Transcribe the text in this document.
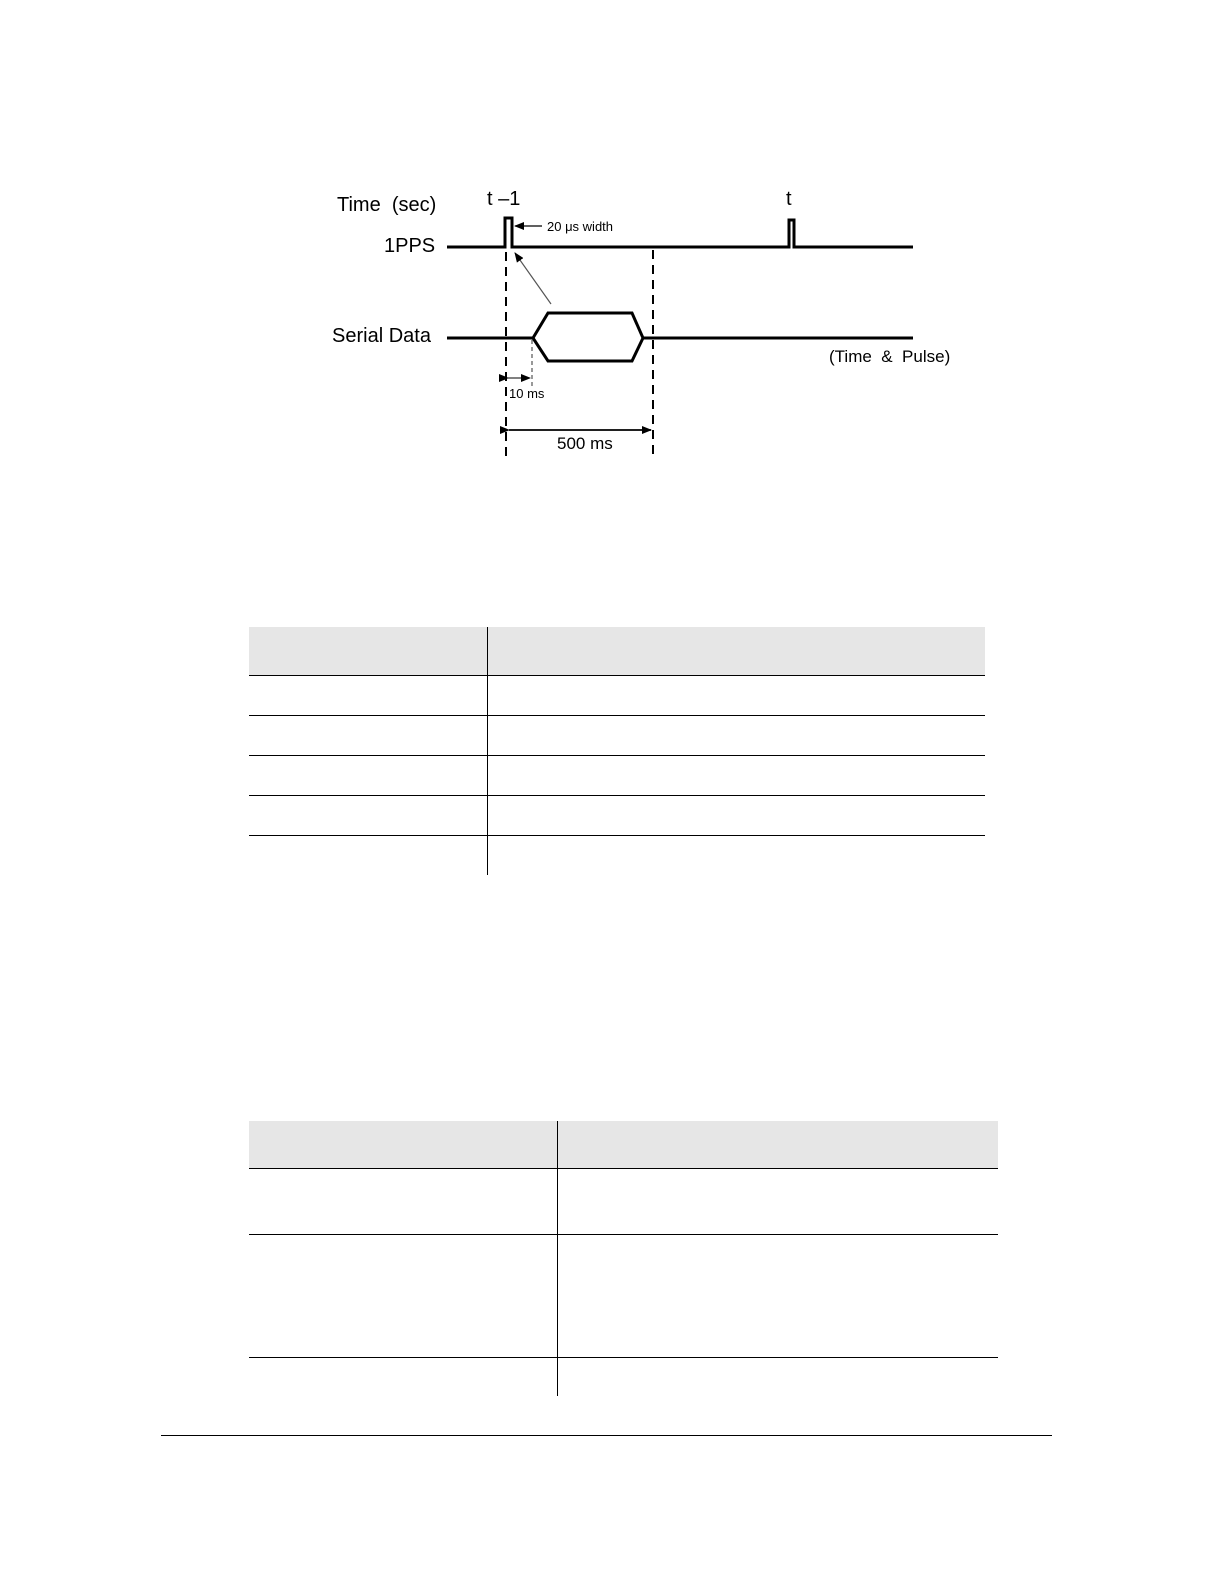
Time  (sec)
1PPS
Serial Data
t –1	t
20 μs width
10 ms
500 ms
(Time  &  Pulse)
